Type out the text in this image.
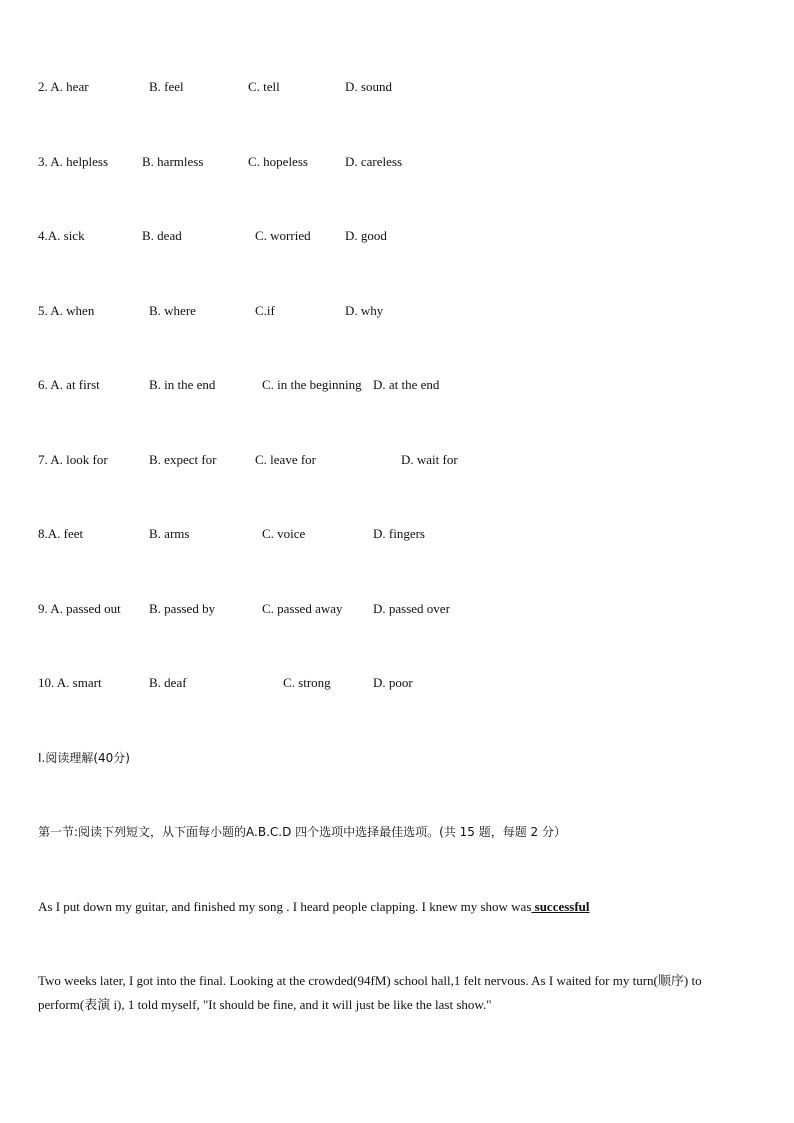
2. A. hear	B. feel	C. tell	D. sound
3. A. helpless	B. harmless	C. hopeless	D. careless
4.A. sick	B. dead	C. worried	D. good
5. A. when	B. where	C.if	D. why
6. A. at first	B. in the end	C. in the beginning D. at the end
7. A. look for	B. expect for	C. leave for	D. wait for
8.A. feet	B. arms	C. voice	D. fingers
9. A. passed out B. passed by	C. passed away D. passed over
10. A. smart	B. deaf	C. strong	D. poor
I.阅读理解(40分)
第一节:阅读下列短文，从下面每小题的A.B.C.D 四个选项中选择最佳选项。(共 15 题，每题 2 分）
As I put down my guitar, and finished my song . I heard people clapping. I knew my show was successful
Two weeks later, I got into the final. Looking at the crowded(94fM) school hall,1 felt nervous. As I waited for my turn(顺序) to perform(表演 i), 1 told myself, "It should be fine, and it will just be like the last show."
